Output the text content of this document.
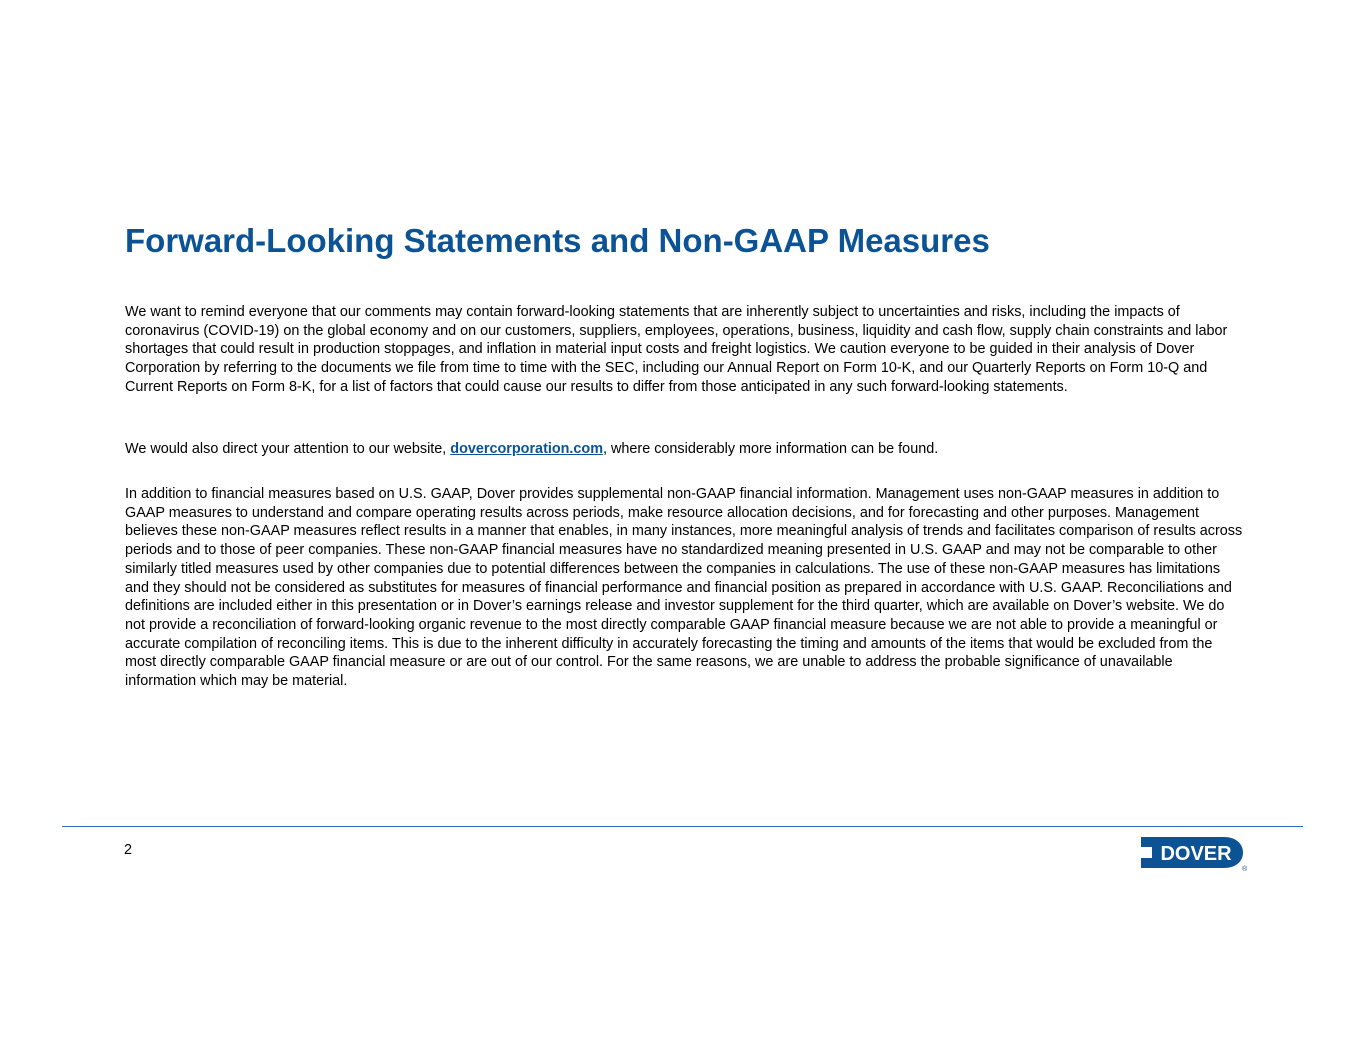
Forward-Looking Statements and Non-GAAP Measures

We want to remind everyone that our comments may contain forward-looking statements that are inherently subject to uncertainties and risks, including the impacts of coronavirus (COVID-19) on the global economy and on our customers, suppliers, employees, operations, business, liquidity and cash flow, supply chain constraints and labor shortages that could result in production stoppages, and inflation in material input costs and freight logistics. We caution everyone to be guided in their analysis of Dover Corporation by referring to the documents we file from time to time with the SEC, including our Annual Report on Form 10-K, and our Quarterly Reports on Form 10-Q and Current Reports on Form 8-K, for a list of factors that could cause our results to differ from those anticipated in any such forward-looking statements.

We would also direct your attention to our website, dovercorporation.com, where considerably more information can be found.

In addition to financial measures based on U.S. GAAP, Dover provides supplemental non-GAAP financial information. Management uses non-GAAP measures in addition to GAAP measures to understand and compare operating results across periods, make resource allocation decisions, and for forecasting and other purposes. Management believes these non-GAAP measures reflect results in a manner that enables, in many instances, more meaningful analysis of trends and facilitates comparison of results across periods and to those of peer companies. These non-GAAP financial measures have no standardized meaning presented in U.S. GAAP and may not be comparable to other similarly titled measures used by other companies due to potential differences between the companies in calculations. The use of these non-GAAP measures has limitations and they should not be considered as substitutes for measures of financial performance and financial position as prepared in accordance with U.S. GAAP. Reconciliations and definitions are included either in this presentation or in Dover’s earnings release and investor supplement for the third quarter, which are available on Dover’s website. We do not provide a reconciliation of forward-looking organic revenue to the most directly comparable GAAP financial measure because we are not able to provide a meaningful or accurate compilation of reconciling items. This is due to the inherent difficulty in accurately forecasting the timing and amounts of the items that would be excluded from the most directly comparable GAAP financial measure or are out of our control. For the same reasons, we are unable to address the probable significance of unavailable information which may be material.

2	DOVER
®
